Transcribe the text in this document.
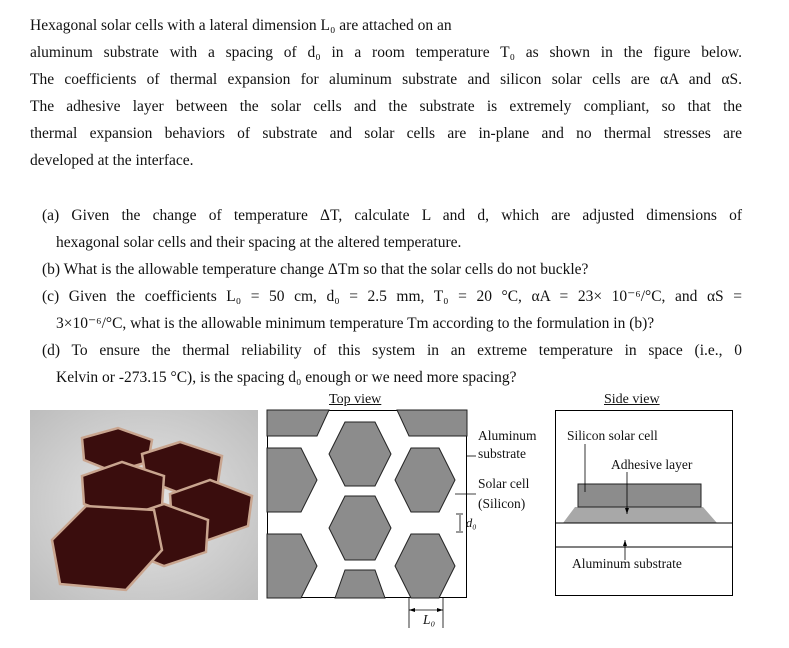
Hexagonal solar cells with a lateral dimension L₀ are attached on an
aluminum substrate with a spacing of d₀ in a room temperature T₀ as shown in the figure below.
The coefficients of thermal expansion for aluminum substrate and silicon solar cells are αA and αS.
The adhesive layer between the solar cells and the substrate is extremely compliant, so that the
thermal expansion behaviors of substrate and solar cells are in-plane and no thermal stresses are
developed at the interface.
(a) Given the change of temperature ΔT, calculate L and d, which are adjusted dimensions of
hexagonal solar cells and their spacing at the altered temperature.
(b) What is the allowable temperature change ΔTm so that the solar cells do not buckle?
(c) Given the coefficients L₀ = 50 cm, d₀ = 2.5 mm, T₀ = 20 °C, αA = 23× 10⁻⁶/°C, and αS =
3×10⁻⁶/°C, what is the allowable minimum temperature Tm according to the formulation in (b)?
(d) To ensure the thermal reliability of this system in an extreme temperature in space (i.e., 0
Kelvin or -273.15 °C), is the spacing d₀ enough or we need more spacing?
Top view
Aluminum
substrate
Solar cell
(Silicon)
d₀
L₀
Side view
Silicon solar cell
Adhesive layer
Aluminum substrate
